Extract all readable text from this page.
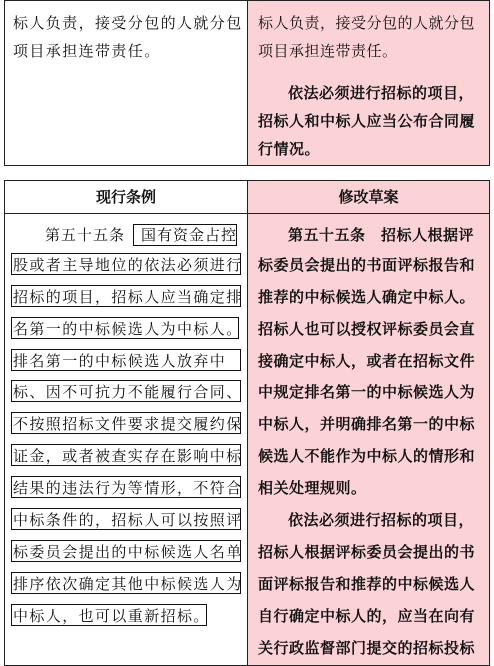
标人负责，接受分包的人就分包
项目承担连带责任。
标人负责，接受分包的人就分包
项目承担连带责任。
依法必须进行招标的项目，
招标人和中标人应当公布合同履
行情况。
现行条例
第五十五条　国有资金占控
股或者主导地位的依法必须进行
招标的项目，招标人应当确定排
名第一的中标候选人为中标人。
排名第一的中标候选人放弃中
标、因不可抗力不能履行合同、
不按照招标文件要求提交履约保
证金，或者被查实存在影响中标
结果的违法行为等情形，不符合
中标条件的，招标人可以按照评
标委员会提出的中标候选人名单
排序依次确定其他中标候选人为
中标人，也可以重新招标。
修改草案
第五十五条　招标人根据评
标委员会提出的书面评标报告和
推荐的中标候选人确定中标人。
招标人也可以授权评标委员会直
接确定中标人，或者在招标文件
中规定排名第一的中标候选人为
中标人，并明确排名第一的中标
候选人不能作为中标人的情形和
相关处理规则。
依法必须进行招标的项目，
招标人根据评标委员会提出的书
面评标报告和推荐的中标候选人
自行确定中标人的，应当在向有
关行政监督部门提交的招标投标
